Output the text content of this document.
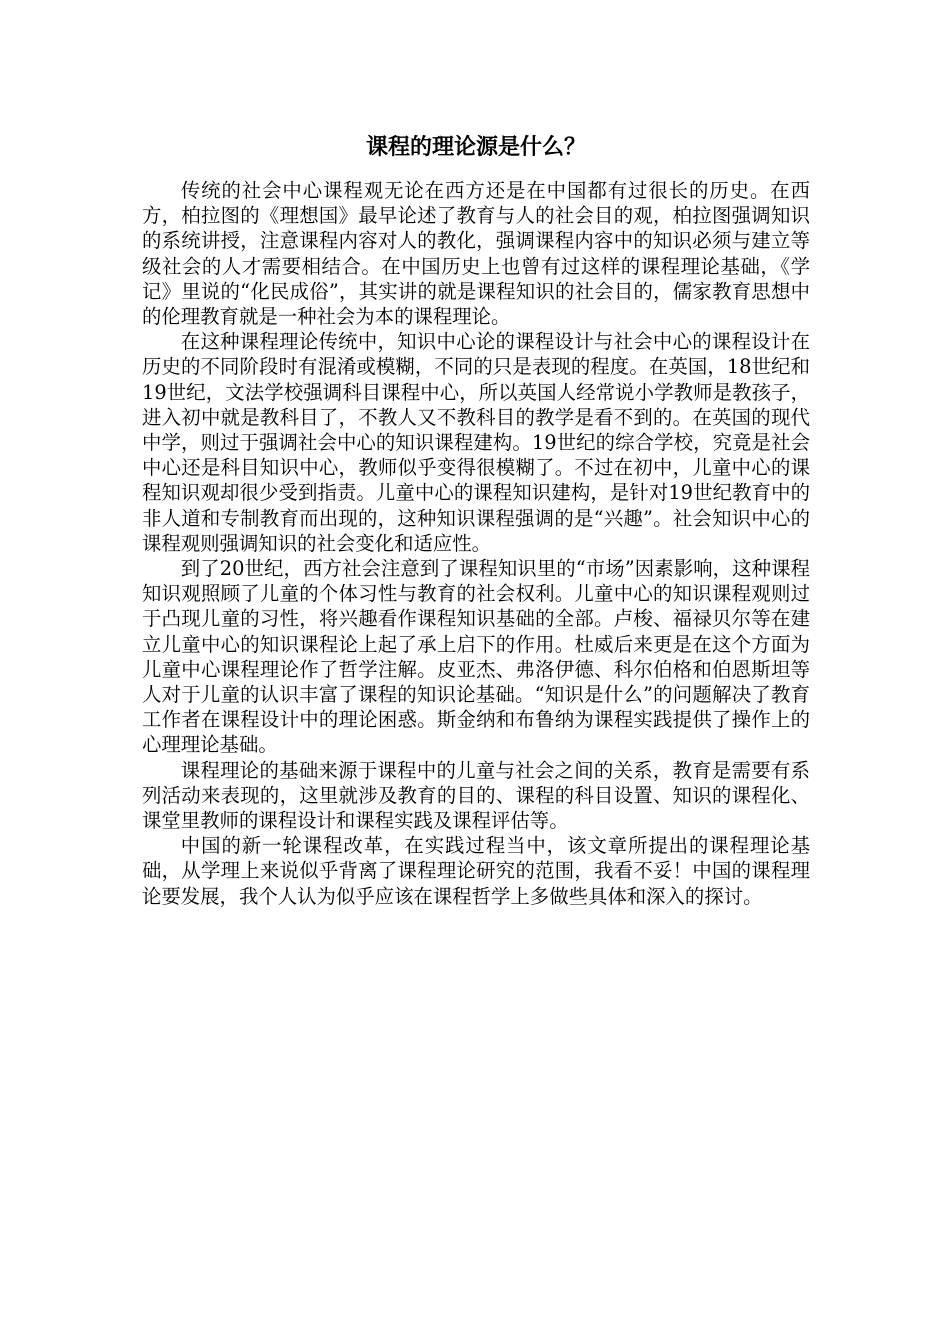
课程的理论源是什么？

传统的社会中心课程观无论在西方还是在中国都有过很长的历史。在西方，柏拉图的《理想国》最早论述了教育与人的社会目的观，柏拉图强调知识的系统讲授，注意课程内容对人的教化，强调课程内容中的知识必须与建立等级社会的人才需要相结合。在中国历史上也曾有过这样的课程理论基础，《学记》里说的“化民成俗”，其实讲的就是课程知识的社会目的，儒家教育思想中的伦理教育就是一种社会为本的课程理论。

在这种课程理论传统中，知识中心论的课程设计与社会中心的课程设计在历史的不同阶段时有混淆或模糊，不同的只是表现的程度。在英国，18世纪和19世纪，文法学校强调科目课程中心，所以英国人经常说小学教师是教孩子，进入初中就是教科目了，不教人又不教科目的教学是看不到的。在英国的现代中学，则过于强调社会中心的知识课程建构。19世纪的综合学校，究竟是社会中心还是科目知识中心，教师似乎变得很模糊了。不过在初中，儿童中心的课程知识观却很少受到指责。儿童中心的课程知识建构，是针对19世纪教育中的非人道和专制教育而出现的，这种知识课程强调的是“兴趣”。社会知识中心的课程观则强调知识的社会变化和适应性。

到了20世纪，西方社会注意到了课程知识里的“市场”因素影响，这种课程知识观照顾了儿童的个体习性与教育的社会权利。儿童中心的知识课程观则过于凸现儿童的习性，将兴趣看作课程知识基础的全部。卢梭、福禄贝尔等在建立儿童中心的知识课程论上起了承上启下的作用。杜威后来更是在这个方面为儿童中心课程理论作了哲学注解。皮亚杰、弗洛伊德、科尔伯格和伯恩斯坦等人对于儿童的认识丰富了课程的知识论基础。“知识是什么”的问题解决了教育工作者在课程设计中的理论困惑。斯金纳和布鲁纳为课程实践提供了操作上的心理理论基础。

课程理论的基础来源于课程中的儿童与社会之间的关系，教育是需要有系列活动来表现的，这里就涉及教育的目的、课程的科目设置、知识的课程化、课堂里教师的课程设计和课程实践及课程评估等。

中国的新一轮课程改革，在实践过程当中，该文章所提出的课程理论基础，从学理上来说似乎背离了课程理论研究的范围，我看不妥！中国的课程理论要发展，我个人认为似乎应该在课程哲学上多做些具体和深入的探讨。
